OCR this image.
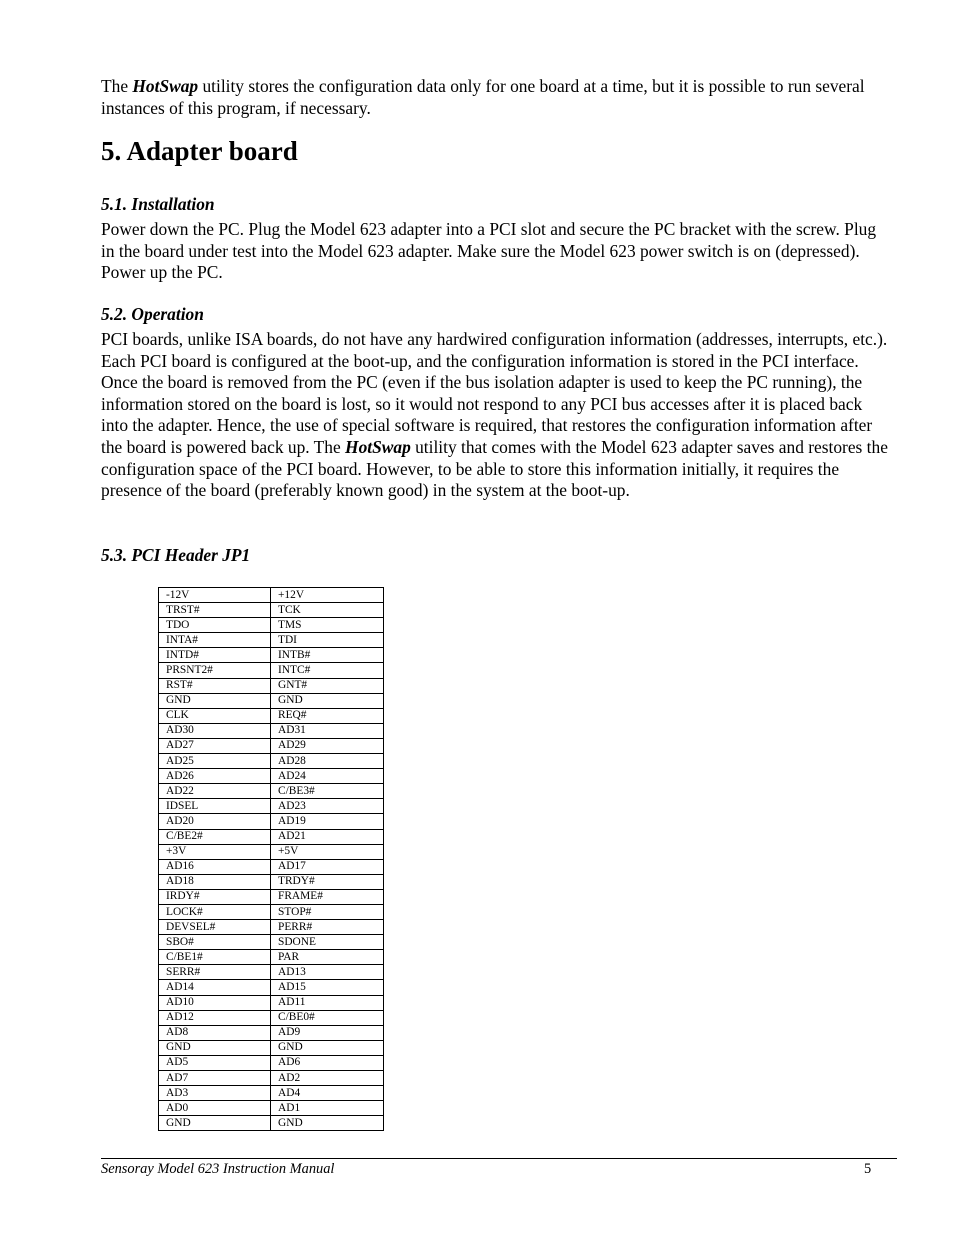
The HotSwap utility stores the configuration data only for one board at a time, but it is possible to run several instances of this program, if necessary.

5. Adapter board
5.1. Installation

Power down the PC. Plug the Model 623 adapter into a PCI slot and secure the PC bracket with the screw. Plug in the board under test into the Model 623 adapter. Make sure the Model 623 power switch is on (depressed). Power up the PC.

5.2. Operation

PCI boards, unlike ISA boards, do not have any hardwired configuration information (addresses, interrupts, etc.). Each PCI board is configured at the boot-up, and the configuration information is stored in the PCI interface. Once the board is removed from the PC (even if the bus isolation adapter is used to keep the PC running), the information stored on the board is lost, so it would not respond to any PCI bus accesses after it is placed back into the adapter. Hence, the use of special software is required, that restores the configuration information after the board is powered back up. The HotSwap utility that comes with the Model 623 adapter saves and restores the configuration space of the PCI board. However, to be able to store this information initially, it requires the presence of the board (preferably known good) in the system at the boot-up.

5.3. PCI Header JP1
-12V	+12V
TRST#	TCK
TDO	TMS
INTA#	TDI
INTD#	INTB#
PRSNT2#	INTC#
RST#	GNT#
GND	GND
CLK	REQ#
AD30	AD31
AD27	AD29
AD25	AD28
AD26	AD24
AD22	C/BE3#
IDSEL	AD23
AD20	AD19
C/BE2#	AD21
+3V	+5V
AD16	AD17
AD18	TRDY#
IRDY#	FRAME#
LOCK#	STOP#
DEVSEL#	PERR#
SBO#	SDONE
C/BE1#	PAR
SERR#	AD13
AD14	AD15
AD10	AD11
AD12	C/BE0#
AD8	AD9
GND	GND
AD5	AD6
AD7	AD2
AD3	AD4
AD0	AD1
GND	GND
Sensoray Model 623 Instruction Manual	5
